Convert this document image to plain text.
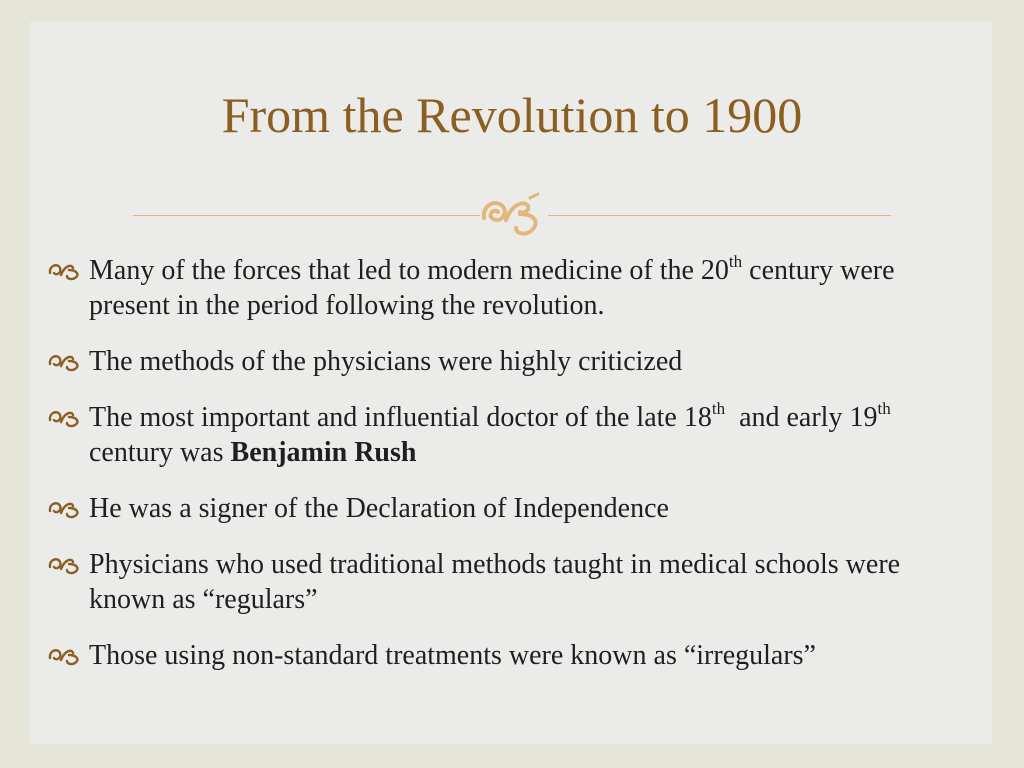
From the Revolution to 1900
Many of the forces that led to modern medicine of the 20th century were present in the period following the revolution.
The methods of the physicians were highly criticized
The most important and influential doctor of the late 18th  and early 19th century was Benjamin Rush
He was a signer of the Declaration of Independence
Physicians who used traditional methods taught in medical schools were known as “regulars”
Those using non-standard treatments were known as “irregulars”
